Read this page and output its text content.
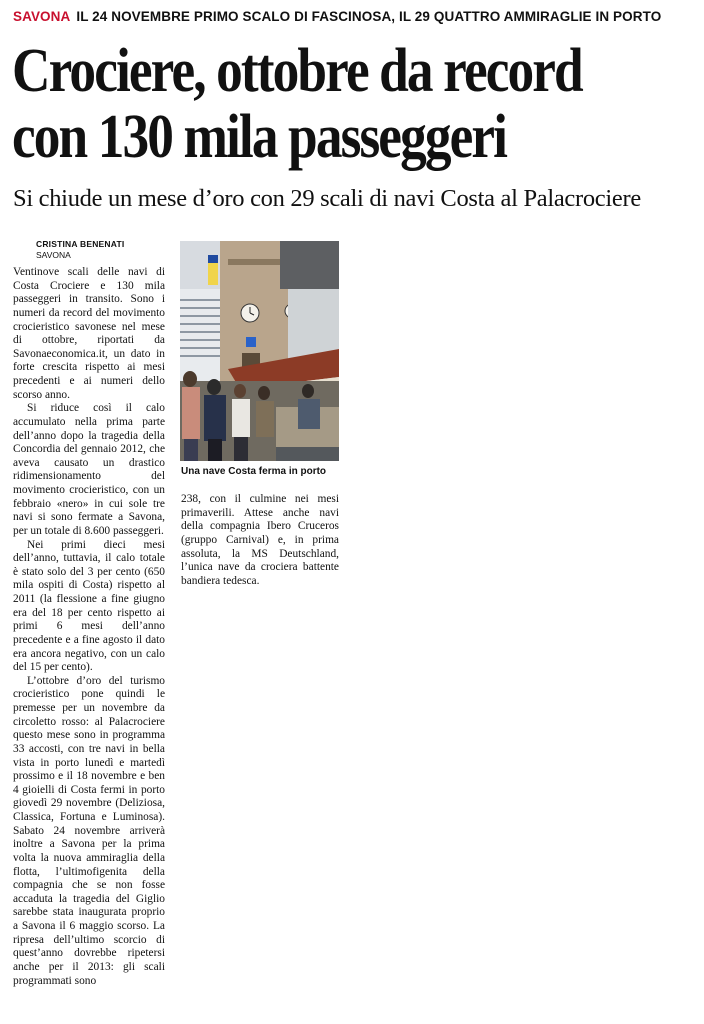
SAVONA IL 24 NOVEMBRE PRIMO SCALO DI FASCINOSA, IL 29 QUATTRO AMMIRAGLIE IN PORTO
Crociere, ottobre da record
con 130 mila passeggeri
Si chiude un mese d’oro con 29 scali di navi Costa al Palacrociere
CRISTINA BENENATI
SAVONA

Ventinove scali delle navi di Costa Crociere e 130 mila passeggeri in transito. Sono i numeri da record del movimento crocieristico savonese nel mese di ottobre, riportati da Savonaeconomica.it, un dato in forte crescita rispetto ai mesi precedenti e ai numeri dello scorso anno.

Si riduce così il calo accumulato nella prima parte dell’anno dopo la tragedia della Concordia del gennaio 2012, che aveva causato un drastico ridimensionamento del movimento crocieristico, con un febbraio «nero» in cui sole tre navi si sono fermate a Savona, per un totale di 8.600 passeggeri.

Nei primi dieci mesi dell’anno, tuttavia, il calo totale è stato solo del 3 per cento (650 mila ospiti di Costa) rispetto al 2011 (la flessione a fine giugno era del 18 per cento rispetto ai primi 6 mesi dell’anno precedente e a fine agosto il dato era ancora negativo, con un calo del 15 per cento).

L’ottobre d’oro del turismo crocieristico pone quindi le premesse per un novembre da circoletto rosso: al Palacrociere questo mese sono in programma 33 accosti, con tre navi in bella vista in porto lunedì e martedì prossimo e il 18 novembre e ben 4 gioielli di Costa fermi in porto giovedì 29 novembre (Deliziosa, Classica, Fortuna e Luminosa). Sabato 24 novembre arriverà inoltre a Savona per la prima volta la nuova ammiraglia della flotta, l’ultimofigenita della compagnia che se non fosse accaduta la tragedia del Giglio sarebbe stata inaugurata proprio a Savona il 6 maggio scorso. La ripresa dell’ultimo scorcio di quest’anno dovrebbe ripetersi anche per il 2013: gli scali programmati sono

Una nave Costa ferma in porto

238, con il culmine nei mesi primaverili. Attese anche navi della compagnia Ibero Cruceros (gruppo Carnival) e, in prima assoluta, la MS Deutschland, l’unica nave da crociera battente bandiera tedesca.
